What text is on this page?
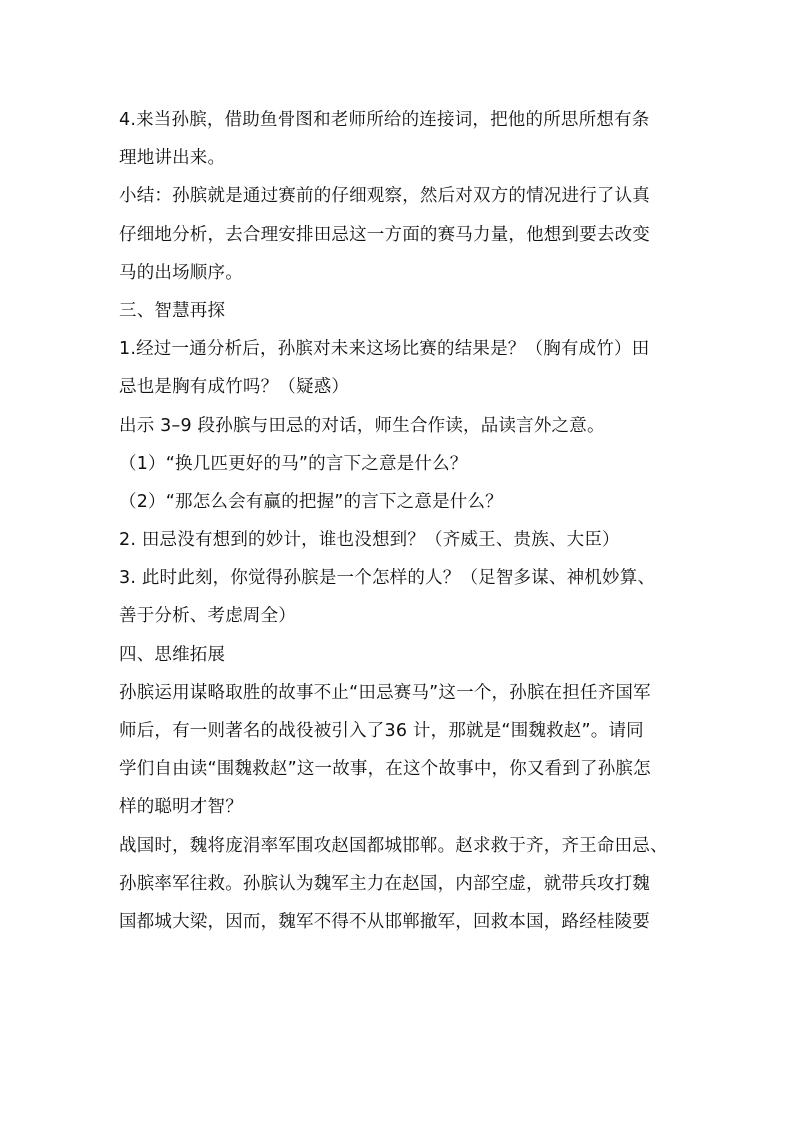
4.来当孙膑，借助鱼骨图和老师所给的连接词，把他的所思所想有条
理地讲出来。
小结：孙膑就是通过赛前的仔细观察，然后对双方的情况进行了认真
仔细地分析，去合理安排田忌这一方面的赛马力量，他想到要去改变
马的出场顺序。
三、智慧再探
1.经过一通分析后，孙膑对未来这场比赛的结果是？（胸有成竹）田
忌也是胸有成竹吗？（疑惑）
出示 3–9 段孙膑与田忌的对话，师生合作读，品读言外之意。
（1）“换几匹更好的马”的言下之意是什么？
（2）“那怎么会有赢的把握”的言下之意是什么？
2. 田忌没有想到的妙计，谁也没想到？（齐威王、贵族、大臣）
3. 此时此刻，你觉得孙膑是一个怎样的人？（足智多谋、神机妙算、
善于分析、考虑周全）
四、思维拓展
孙膑运用谋略取胜的故事不止“田忌赛马”这一个，孙膑在担任齐国军
师后，有一则著名的战役被引入了36 计，那就是“围魏救赵”。请同
学们自由读“围魏救赵”这一故事，在这个故事中，你又看到了孙膑怎
样的聪明才智？
战国时，魏将庞涓率军围攻赵国都城邯郸。赵求救于齐，齐王命田忌、
孙膑率军往救。孙膑认为魏军主力在赵国，内部空虚，就带兵攻打魏
国都城大梁，因而，魏军不得不从邯郸撤军，回救本国，路经桂陵要
